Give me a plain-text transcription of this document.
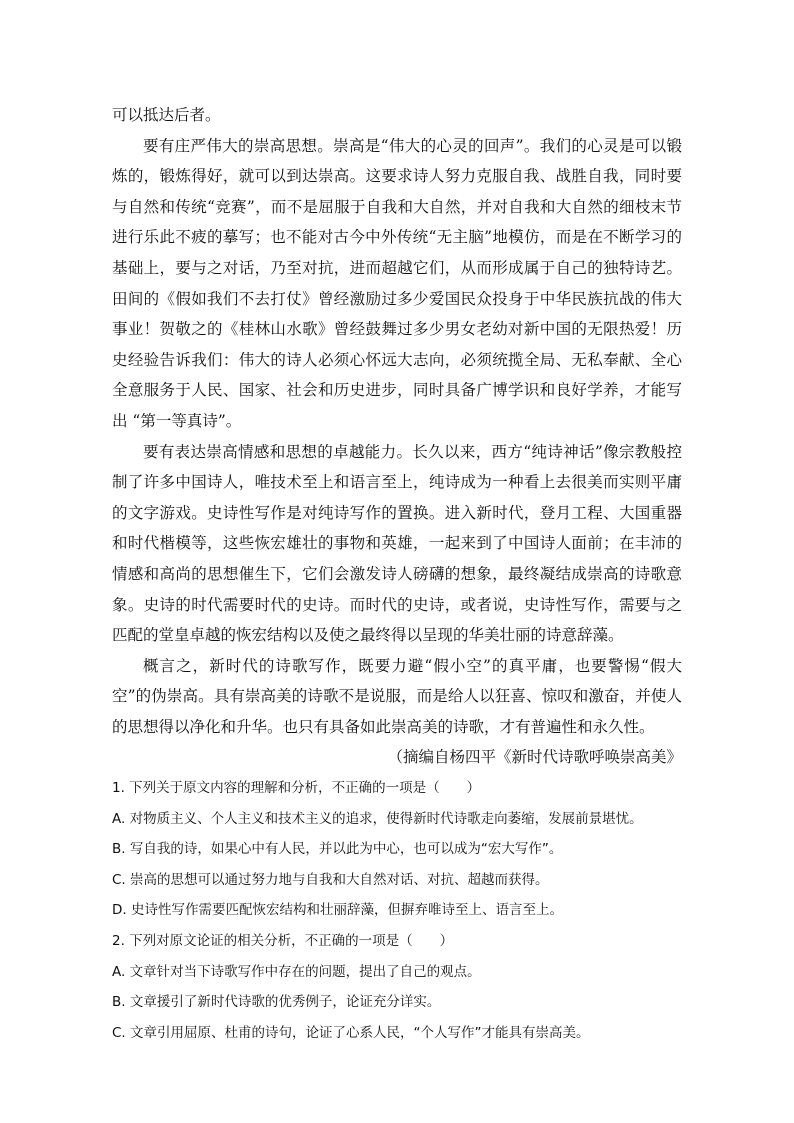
可以抵达后者。

要有庄严伟大的崇高思想。崇高是“伟大的心灵的回声”。我们的心灵是可以锻炼的，锻炼得好，就可以到达崇高。这要求诗人努力克服自我、战胜自我，同时要与自然和传统“竞赛”，而不是屈服于自我和大自然，并对自我和大自然的细枝末节进行乐此不疲的摹写；也不能对古今中外传统“无主脑”地模仿，而是在不断学习的基础上，要与之对话，乃至对抗，进而超越它们，从而形成属于自己的独特诗艺。田间的《假如我们不去打仗》曾经激励过多少爱国民众投身于中华民族抗战的伟大事业！贺敬之的《桂林山水歌》曾经鼓舞过多少男女老幼对新中国的无限热爱！历史经验告诉我们：伟大的诗人必须心怀远大志向，必须统揽全局、无私奉献、全心全意服务于人民、国家、社会和历史进步，同时具备广博学识和良好学养，才能写出 “第一等真诗”。

要有表达崇高情感和思想的卓越能力。长久以来，西方“纯诗神话”像宗教般控制了许多中国诗人，唯技术至上和语言至上，纯诗成为一种看上去很美而实则平庸的文字游戏。史诗性写作是对纯诗写作的置换。进入新时代，登月工程、大国重器和时代楷模等，这些恢宏雄壮的事物和英雄，一起来到了中国诗人面前；在丰沛的情感和高尚的思想催生下，它们会激发诗人磅礴的想象，最终凝结成崇高的诗歌意象。史诗的时代需要时代的史诗。而时代的史诗，或者说，史诗性写作，需要与之匹配的堂皇卓越的恢宏结构以及使之最终得以呈现的华美壮丽的诗意辞藻。

概言之，新时代的诗歌写作，既要力避“假小空”的真平庸，也要警惕“假大空”的伪崇高。具有崇高美的诗歌不是说服，而是给人以狂喜、惊叹和激奋，并使人的思想得以净化和升华。也只有具备如此崇高美的诗歌，才有普遍性和永久性。

（摘编自杨四平《新时代诗歌呼唤崇高美》

1. 下列关于原文内容的理解和分析，不正确的一项是（　　）

A. 对物质主义、个人主义和技术主义的追求，使得新时代诗歌走向萎缩，发展前景堪忧。

B. 写自我的诗，如果心中有人民，并以此为中心，也可以成为“宏大写作”。

C. 崇高的思想可以通过努力地与自我和大自然对话、对抗、超越而获得。

D. 史诗性写作需要匹配恢宏结构和壮丽辞藻，但摒弃唯诗至上、语言至上。

2. 下列对原文论证的相关分析，不正确的一项是（　　）

A. 文章针对当下诗歌写作中存在的问题，提出了自己的观点。

B. 文章援引了新时代诗歌的优秀例子，论证充分详实。

C. 文章引用屈原、杜甫的诗句，论证了心系人民，“个人写作”才能具有崇高美。
